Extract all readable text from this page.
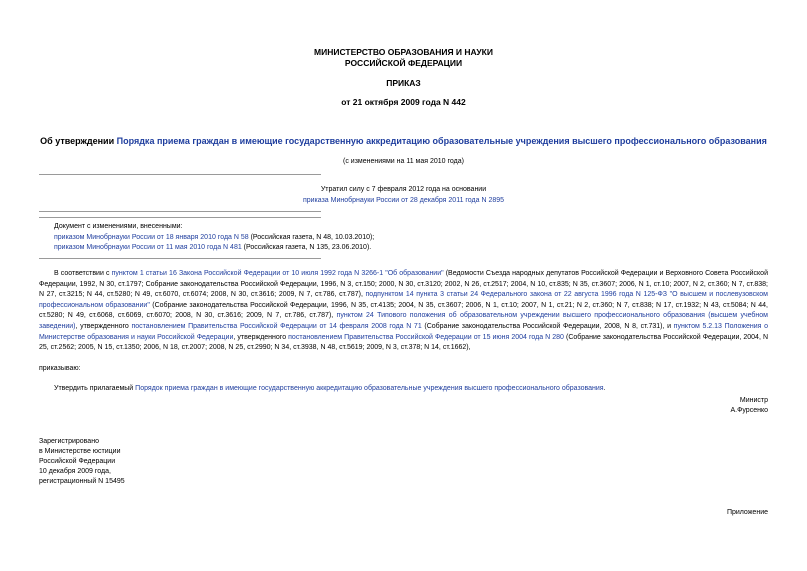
МИНИСТЕРСТВО ОБРАЗОВАНИЯ И НАУКИ
РОССИЙСКОЙ ФЕДЕРАЦИИ
ПРИКАЗ
от 21 октября 2009 года N 442
Об утверждении Порядка приема граждан в имеющие государственную аккредитацию образовательные учреждения высшего профессионального образования
(с изменениями на 11 мая 2010 года)
Утратил силу с 7 февраля 2012 года на основании
приказа Минобрнауки России от 28 декабря 2011 года N 2895
Документ с изменениями, внесенными:
приказом Минобрнауки России от 18 января 2010 года N 58 (Российская газета, N 48, 10.03.2010);
приказом Минобрнауки России от 11 мая 2010 года N 481 (Российская газета, N 135, 23.06.2010).
В соответствии с пунктом 1 статьи 16 Закона Российской Федерации от 10 июля 1992 года N 3266-1 "Об образовании" (Ведомости Съезда народных депутатов Российской Федерации и Верховного Совета Российской Федерации, 1992, N 30, ст.1797; Собрание законодательства Российской Федерации, 1996, N 3, ст.150; 2000, N 30, ст.3120; 2002, N 26, ст.2517; 2004, N 10, ст.835; N 35, ст.3607; 2006, N 1, ст.10; 2007, N 2, ст.360; N 7, ст.838; N 27, ст.3215; N 44, ст.5280; N 49, ст.6070, ст.6074; 2008, N 30, ст.3616; 2009, N 7, ст.786, ст.787), подпунктом 14 пункта 3 статьи 24 Федерального закона от 22 августа 1996 года N 125-ФЗ "О высшем и послевузовском профессиональном образовании" (Собрание законодательства Российской Федерации, 1996, N 35, ст.4135; 2004, N 35, ст.3607; 2006, N 1, ст.10; 2007, N 1, ст.21; N 2, ст.360; N 7, ст.838; N 17, ст.1932; N 43, ст.5084; N 44, ст.5280; N 49, ст.6068, ст.6069, ст.6070; 2008, N 30, ст.3616; 2009, N 7, ст.786, ст.787), пунктом 24 Типового положения об образовательном учреждении высшего профессионального образования (высшем учебном заведении), утвержденного постановлением Правительства Российской Федерации от 14 февраля 2008 года N 71 (Собрание законодательства Российской Федерации, 2008, N 8, ст.731), и пунктом 5.2.13 Положения о Министерстве образования и науки Российской Федерации, утвержденного постановлением Правительства Российской Федерации от 15 июня 2004 года N 280 (Собрание законодательства Российской Федерации, 2004, N 25, ст.2562; 2005, N 15, ст.1350; 2006, N 18, ст.2007; 2008, N 25, ст.2990; N 34, ст.3938, N 48, ст.5619; 2009, N 3, ст.378; N 14, ст.1662),
приказываю:
Утвердить прилагаемый Порядок приема граждан в имеющие государственную аккредитацию образовательные учреждения высшего профессионального образования.
Министр
А.Фурсенко
Зарегистрировано
в Министерстве юстиции
Российской Федерации
10 декабря 2009 года,
регистрационный N 15495
Приложение
